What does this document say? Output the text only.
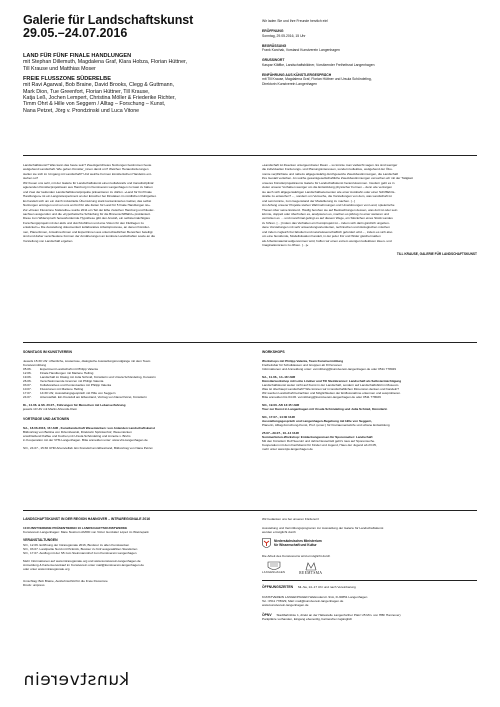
Galerie für Landschaftskunst
29.05.–24.07.2016
LAND FÜR FÜNF FINALE HANDLUNGEN
mit Stephan Dillemuth, Magdalena Graf, Klara Hobza, Florian Hüttner,
Till Krause und Matthias Moser
FREIE FLUSSZONE SÜDERELBE
mit Ravi Agarwal, Bob Braine, David Brooks, Clegg & Guttmann,
Mark Dion, Tue Greenfort, Florian Hüttner, Till Krause,
Katja Leß, Jochen Lempert, Christina Möller & Friederike Richter,
Timm Ohrt & Hille von Seggern / Alltag – Forschung – Kunst,
Nana Petzet, Jörg v. Prondzinski und Luca Vitone
Wir laden Sie und Ihre Freunde herzlich ein!
ERÖFFNUNG
Sonntag, 29.05.2016, 15 Uhr
BEGRÜSSUNG
Frank Karchak, Vorstand Kunstverein Langenhagen
GRUSSWORT
Kaspar Kläffke, Landschaftsbildner, Vorsitzender Freiheitsrat Langenhagen
EINFÜHRUNG AUS KÜNSTLERGESPRÄCH
mit Till Krause, Magdalena Graf, Florian Hüttner und Ursula Schöndeling,
Direktorin Kunstverein Langenhagen
Landschaftskunst? Was kann das heute sein? Zweckgerichtetes Nutzungen bestimmen heute
weitgehend Landschaft. Wie gehen Künstler_innen damit um? Welchen Herausforderungen
stellen sie sich im Umgang mit Landschaft? Und welche Formen künstlerischen Handelns ent-
stehen so?
Wir freuen uns sehr, mit der Galerie für Landschaftskunst einen kollaborativ und transdisziplinär
agierenden Künstlerprojektraum aus Hamburg im Kunstverein Langenhagen zu Gast zu haben
und zwei der laufenden Landschaftskunstprojekte präsentieren zu dürfen. »Land für fünf finale
Handlungen« ist ein Langzeitexperiment an der Emscher bei Dinslaken im nördlichen Ruhrgebiet.
Es handelt sich um ein durch industrielle Übernutzung stark kontaminiertes Gebiet, das selbst
Nutzungen entzogen und von uns an fünf für alle Zeiten für Land für 5 finale Handlungen ist».
Zur »Freien Flusszone Süderelbe« wurde 2011 ein Teil der Elbe zwischen Hamburg und Nieder-
sachsen ausgerufen und die »hypothetische Schleifung für die Binnenschifffahrt« proklamiert.
Diese zum Widerspruch herausfordernde Hypothese gibt den Anstoß, ein selbstermächtigtes
Forschungsprojekt mit der aktiv und durchzuführen und eine Vision für den Flußlegen zu
entwickeln.« Die Ausstellung dokumentiert kollaborative Arbeitsprozesse, an denen Künstler-
nen, Planer/innen, Anwohner/innen und Expert/innen aus unterschiedlichen Bereichen beteiligt
sind und daher verschiedene Formen der Annäherungen an konkrete Landschaften sowie an die
Vorstellung von Landschaft ergeben.
»Landschaft ist Zwecken untergeordneter Raum – so könnte man vielleicht sagen. Es sind weniger
die individuellen Forderungs- und Planungsinteressen, sondern kollektive, weitgehend der Öko-
nomie verpflichtete und nahezu allgegenwärtig durchgesetzte Zweckbestimmungen, die Landschaft
ihre Gestalt verleihen. An solche gesamtgesellschaftliche Zweckbestimmungen versuchen wir mit der Tätigkeit
unseres Künstlerprojektraums Galerie für Landschaftskunst heranzukommen. Insofern geht es in
vielen unserer Vorhaben weniger um die Entwicklung physischer Formen – denn wie verzeigen
sie auch sich allgegenwärtigen Landschaftselementen wie einer Autobahn oder einer Schifffahrts-
straße zu entwerfen? – , sondern um Versuche, die Vorstellungen von dem, was Landschaft ist
und sein könnte, zum Gegenstand der Modellierung zu machen. [...]
Am Anfang unserer Projekte stehen Wahrnehmungen und Umwidmungen von Land, spielerische
Thesen über seine Existenz. Häufig beruhen sie auf Beobachtungen dessen, was dort ist oder sein
könnte, doppelt oder überhoben es, analysieren es, machen es jäbzug zu einer weiteren und
verrücken es … und manchmal gelingt es auf diesem Wege, ein Stückchen eines Stück Landes
zu führen. […] Indem das Verhalten ein Kunstprojekt ist – indem sich darin gänzlich ungebun-
dene Vorstellungen mit sehr anwendungsorientierten, technischen und ökologischen mischen
und indem zugleich frei fabuliert und naturwissenschaftlich gefordert wird – , indem es sich also
um eine fiend/ende, Modellsituation handelt, in der jeder Für und Wider gleichermaßen
als Arbeitsmaterial aufgenommen wird, hoffen wir einen extrem wenigen kollektiven Ideen- und
Imaginationsraum zu öffnen. […]«
TILL KRAUSE, GALERIE FÜR LANDSCHAFTSKUNST
SONNTAGS IM KUNSTVEREIN
Jeweils 15:30 Uhr: öffentliche, kostenlose, dialogische Ausstellungsrundgänge mit dem Team
Kunstvermittlung
05.06.	Experiment Landschaft mit Philipp Valenta
12.06.	Finale Handlungen mit Marlene Helling
19.06.	Landschaft im Dialog mit Julia Schmid, Künstlerin und Ursula Schöndeling, Kuratorin
26.06.	Verschwimmende Grenzen mit Philipp Valenta
03.07.	Kollaboratives und Kontextuelles mit Philipp Valenta
10.07.	Flusszonen mit Marlene Helling
17.07.	14:30 Uhr, Ausstellungsgespräch mit Hille von Seggern
24.07.	Artenvielfalt. Ein Kreisdoll am Elbestrand, Vortrag von Nana Petzet, Künstlerin
Di., 14.06. & Mi. 20.07., Führungen für Menschen mit Lebenserfahrung
jeweils 10 Uhr mit Martin Ahrends-Klein
VORTRÄGE UND AKTIONEN
SA., 18.06.2016, 16 UHR , Kunstlandschaft Wesemücken: von Anlenden Landschaftskunst
Bildvortrag von Bettina von Dziembowski, Direktorin Sprinkenhof, Wesemücken
anschließend Kaffee und Kuchen,mit Ursula Schöndeling und Annette v. Bruhs
in Kooperation mit der VHS Langenhagen. Bitte anmelden unter: www.vhs-langenhagen.de
SO., 24.07., 15:30 UHR Artenvielfalt. Ein Kreisdoll am Elbestrand, Bildvortrag von Nana Petzet
WORKSHOPS
Workshops mit Philipp Valenta, Team Kunstvermittlung
Freiheitsbar für Schulklassen und Gruppen ab 8 Personen
Informationen und Anmeldung unter: vermittlung@kunstverein-langenhagen.de oder 0511 778029
SA., 11.06., 14–18 UHR
Künstlerworkshop mit Lotte Lindner und Till Steinbrenner: Landschaft als Selbstermächtigung
Landschaftskunst weiter nicht auf Kunst in der Landschaft, sondern auf Landschaftsbild im Museum.
Was ist überhaupt Landschaft? Wie können wir in landschaftlichen Dimension denken und handeln?
Wir werden Landschaft betrachten und Möglichkeiten der Einflussnahme erkennen und ausprobieren.
Bitte anmelden bis 04.06. vermittlung@kunstverein-langenhagen.de oder 0511 778029
SO., 19.06. AB 13:45 UHR
Tour zur Kunst in Langenhagen mit Ursula Schöndeling und Julia Schmid, Künstlerin
SO., 17.07., 14:30 UHR
Ausstellungsgespräch und Langenhagen-Begehung mit Hille von Seggern,
Planerin, Alltag-Forschung-Kunst, Prof. (emer.) für Freiraumentwürfe und urbane Entwicklung
25.07.–29.07., 10–14 UHR
Sommerferien-Workshop: Entdeckungsreisen für Sporenseher: Landschaft
Mit den Künstlern Rolf Seerutz und Jahra Nesselrödi geht's raus auf Sporensuche.
Kooperation mit dem Fachdienst für Kinder und Jugend, Haus der Jugend ab 23.05,
mehr unter www.kjw-langenhagen.de
LANDSCHAFTSKUNST IN DER REGION HANNOVER – INTRAREGIONALE 2016
10 KUNSTVEREINE PRÄSENTIEREN 10 LANDSCHAFTSKUNSTWERKE
Kunstverein Langenhagen: Mare Nostrum AMOD von Victor González López im Wietzepark
VERANSTALTUNGEN
SO., 12.06. Eröffnung der Intraregionale 2016, Busttour zu allen Kunstwerken
SO., 03.07. Landpartie Nord mit Picknick, Bustour zu fünf ausgewählten Standorten
SO., 17.07. Ausflug mit der S5 zum Steinmannshof zum Kunstverein Langenhagen
Mehr Informationen auf www.intraregionale.org und www.kunstverein-langenhagen.de
Anmeldung & Kartenververkauf im Kunstverein unter mail@kunstverein-langenhagen.de
oder unter www.intraregionale.org
Umschlag: Bob Braine, Ausbuhnschild für die Freie Flusszone
Druck: unipress
kunstverein
Wir bedanken uns bei unseren Förderern!
Ausstellung und Vermittlungsprogramm zur Ausstellung der Galerie für Landschaftskunst
werden ermöglicht durch
Niedersächsisches Ministerium
für Wissenschaft und Kultur
Die Arbeit des Kunstvereins wird ermöglicht durch
LANGENHAGEN	REEMTSMA
ÖFFNUNGSZEITEN Mi–Sa, 14–17 Uhr und nach Vereinbarung
KUNSTVEREIN LANGENHAGEN Walsroderstr. 91A, D-30851 Langenhagen
Tel.: 0511 778029, Mail: mail@kunstverein-langenhagen.de
www.kunstverein-langenhagen.de
ÖPNV Stadtbahnlinie 1, direkt an der Haltestelle Langenforther Platz U5 Min. von HBF Hannover)
Parkplätze vorhanden, Eingang ebenerdig, barrierefrei zugänglich
